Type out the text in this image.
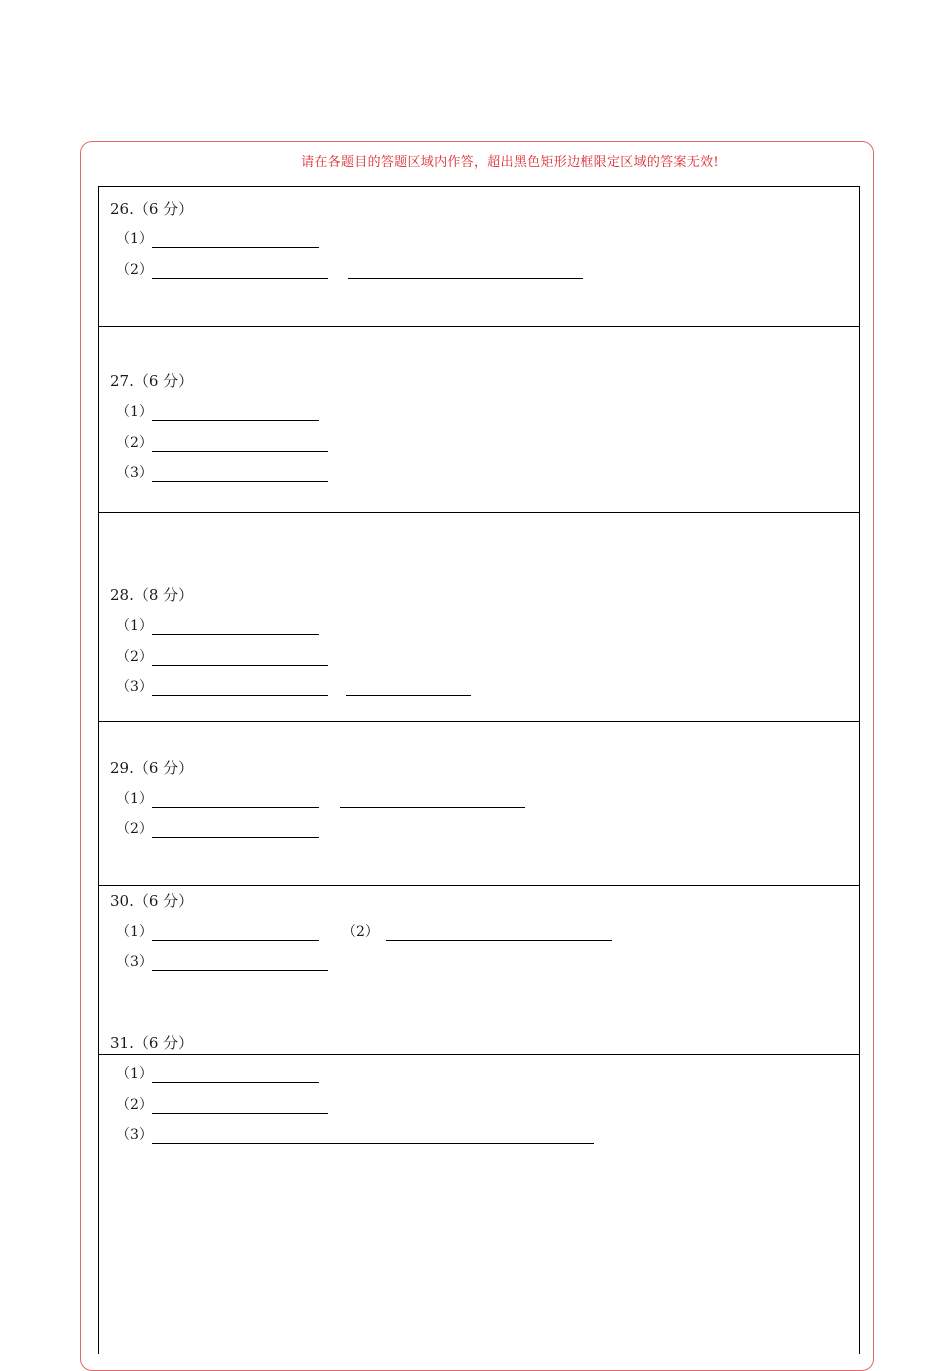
请在各题目的答题区域内作答，超出黑色矩形边框限定区域的答案无效!
26.（6 分）
（1）
（2）
27.（6 分）
（1）
（2）
（3）
28.（8 分）
（1）
（2）
（3）
29.（6 分）
（1）
（2）
30.（6 分）
（1）	（2）
（3）
31.（6 分）
（1）
（2）
（3）
